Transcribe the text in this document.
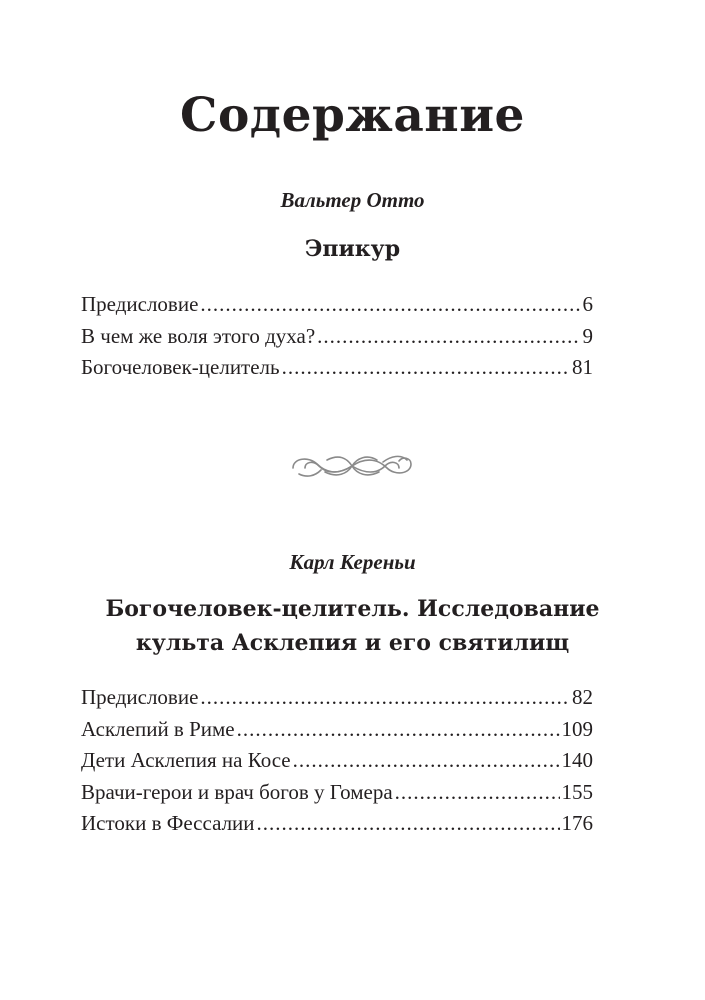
Содержание
Вальтер Отто
Эпикур
Предисловие .....	6
В чем же воля этого духа? .....	9
Богочеловек-целитель .....	81
Карл Кереньи
Богочеловек-целитель. Исследование
культа Асклепия и его святилищ
Предисловие .....	82
Асклепий в Риме .....	109
Дети Асклепия на Косе .....	140
Врачи-герои и врач богов у Гомера .....	155
Истоки в Фессалии .....	176
